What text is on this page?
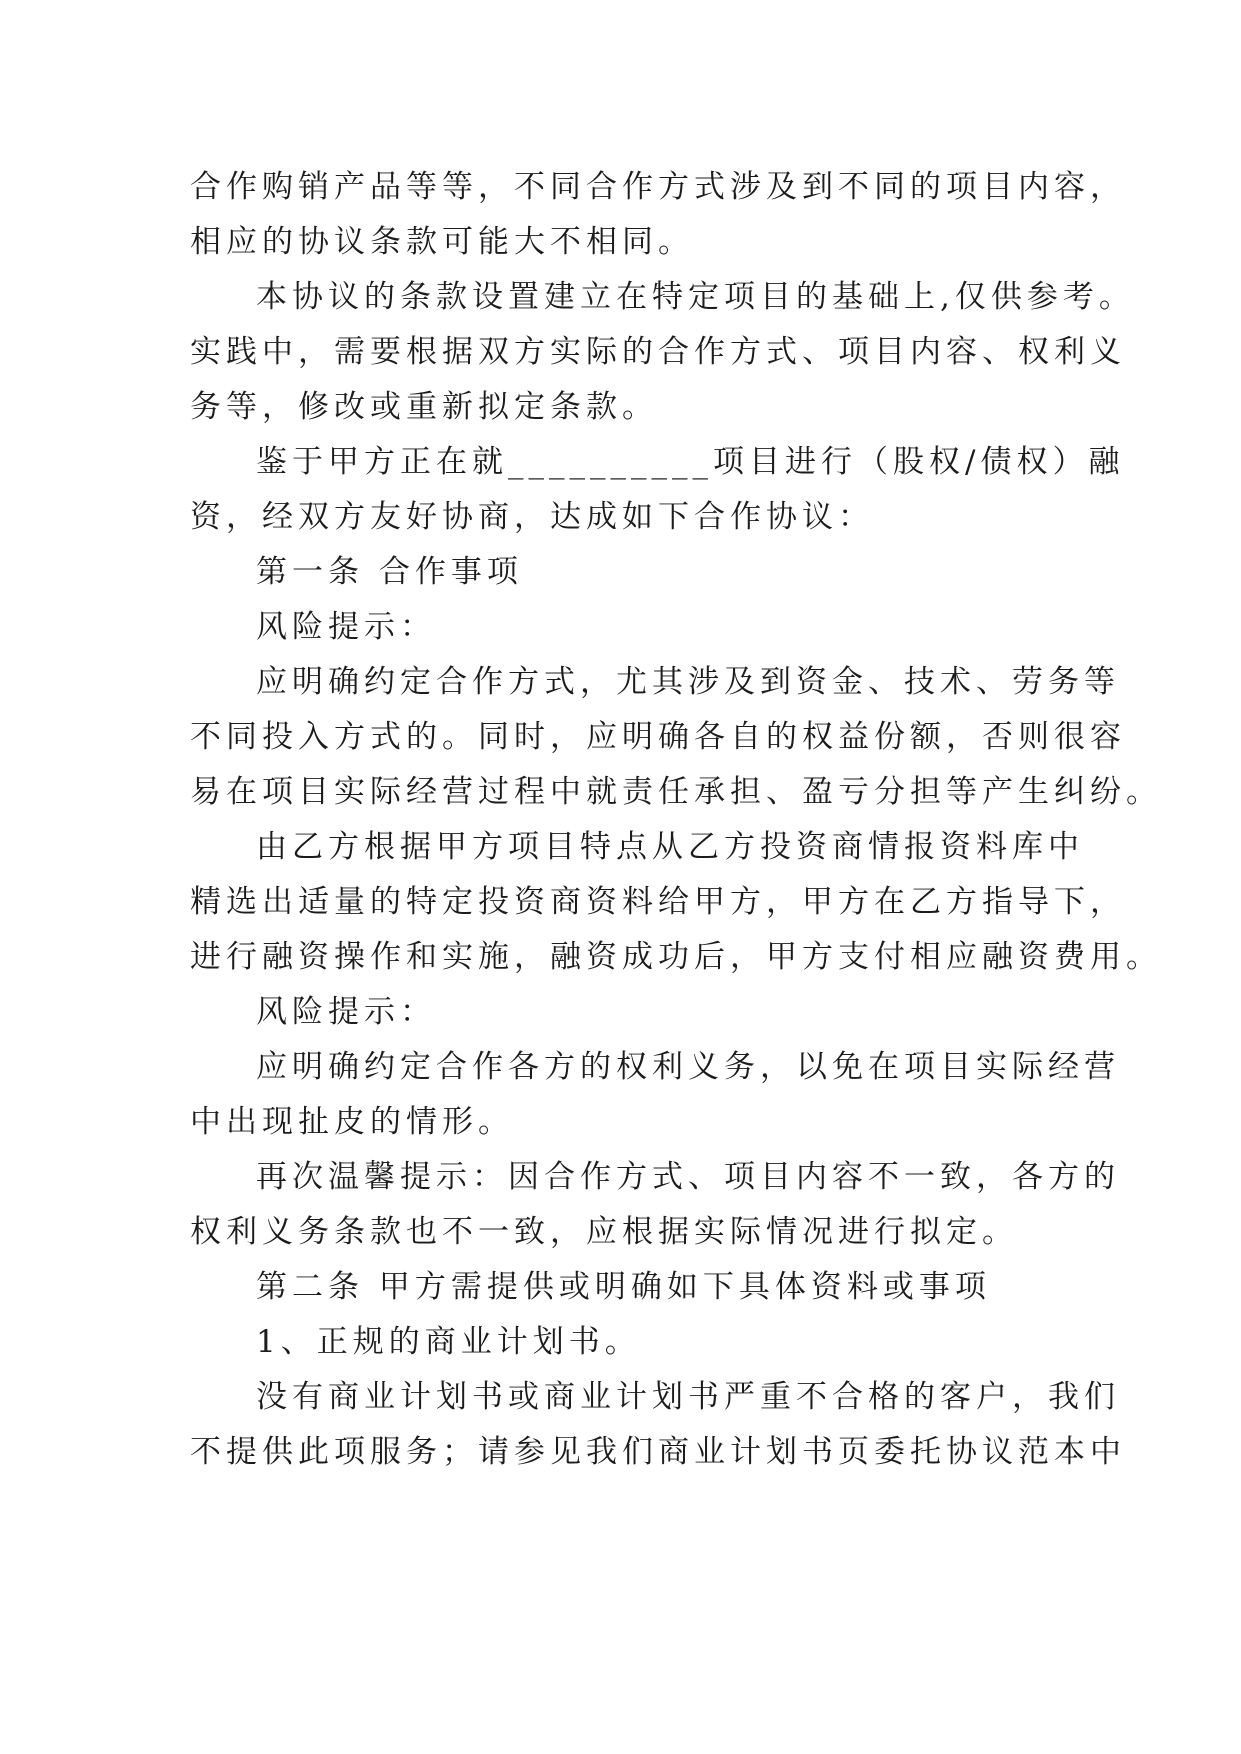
合作购销产品等等，不同合作方式涉及到不同的项目内容，
相应的协议条款可能大不相同。
本协议的条款设置建立在特定项目的基础上,仅供参考。
实践中，需要根据双方实际的合作方式、项目内容、权利义
务等，修改或重新拟定条款。
鉴于甲方正在就__________项目进行（股权/债权）融
资，经双方友好协商，达成如下合作协议：
第一条 合作事项
风险提示：
应明确约定合作方式，尤其涉及到资金、技术、劳务等
不同投入方式的。同时，应明确各自的权益份额，否则很容
易在项目实际经营过程中就责任承担、盈亏分担等产生纠纷。
由乙方根据甲方项目特点从乙方投资商情报资料库中
精选出适量的特定投资商资料给甲方，甲方在乙方指导下，
进行融资操作和实施，融资成功后，甲方支付相应融资费用。
风险提示：
应明确约定合作各方的权利义务，以免在项目实际经营
中出现扯皮的情形。
再次温馨提示：因合作方式、项目内容不一致，各方的
权利义务条款也不一致，应根据实际情况进行拟定。
第二条 甲方需提供或明确如下具体资料或事项
1、正规的商业计划书。
没有商业计划书或商业计划书严重不合格的客户，我们
不提供此项服务；请参见我们商业计划书页委托协议范本中
